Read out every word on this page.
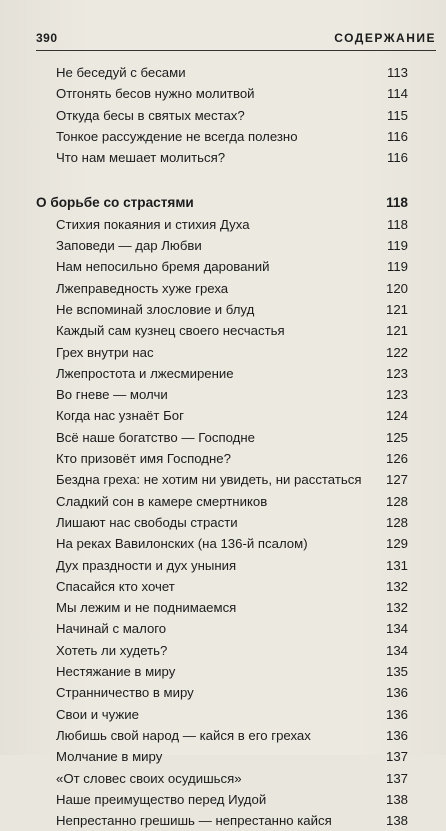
390	СОДЕРЖАНИЕ
Не беседуй с бесами	113
Отгонять бесов нужно молитвой	114
Откуда бесы в святых местах?	115
Тонкое рассуждение не всегда полезно	116
Что нам мешает молиться?	116
О борьбе со страстями	118
Стихия покаяния и стихия Духа	118
Заповеди — дар Любви	119
Нам непосильно бремя дарований	119
Лжеправедность хуже греха	120
Не вспоминай злословие и блуд	121
Каждый сам кузнец своего несчастья	121
Грех внутри нас	122
Лжепростота и лжесмирение	123
Во гневе — молчи	123
Когда нас узнаёт Бог	124
Всё наше богатство — Господне	125
Кто призовёт имя Господне?	126
Бездна греха: не хотим ни увидеть, ни расстаться 127
Сладкий сон в камере смертников	128
Лишают нас свободы страсти	128
На реках Вавилонских (на 136-й псалом)	129
Дух праздности и дух уныния	131
Спасайся кто хочет	132
Мы лежим и не поднимаемся	132
Начинай с малого	134
Хотеть ли худеть?	134
Нестяжание в миру	135
Странничество в миру	136
Свои и чужие	136
Любишь свой народ — кайся в его грехах	136
Молчание в миру	137
«От словес своих осудишься»	137
Наше преимущество перед Иудой	138
Непрестанно грешишь — непрестанно кайся	138
